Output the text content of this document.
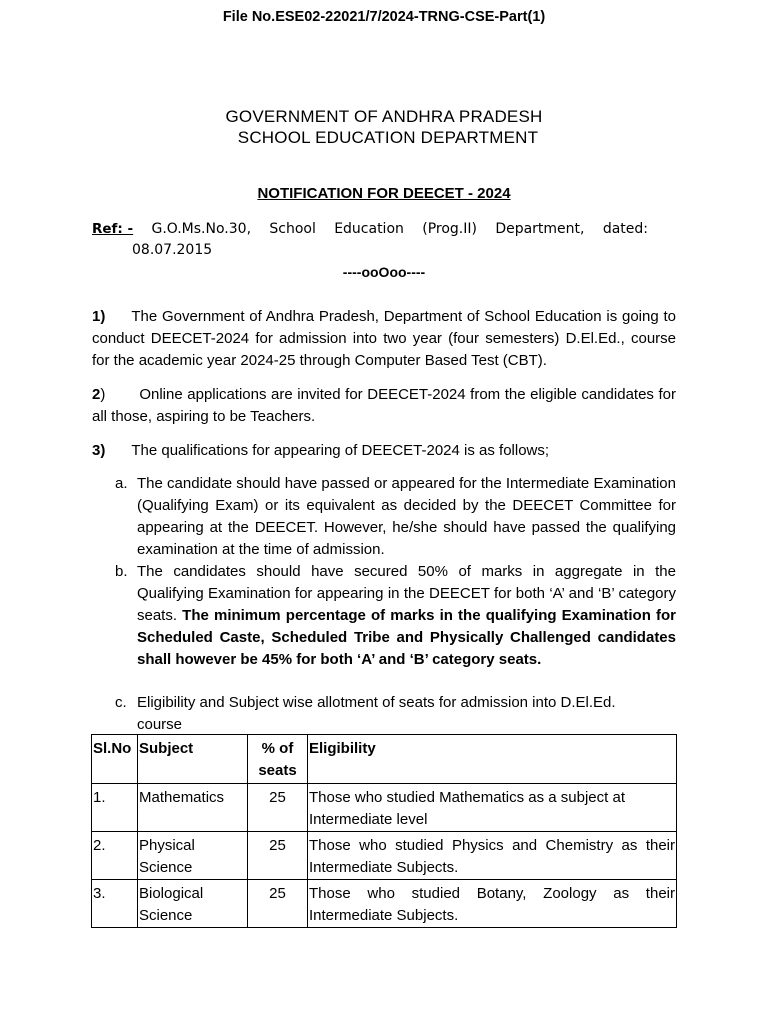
File No.ESE02-22021/7/2024-TRNG-CSE-Part(1)
GOVERNMENT OF ANDHRA PRADESH
SCHOOL EDUCATION DEPARTMENT
NOTIFICATION FOR DEECET - 2024
Ref: - G.O.Ms.No.30, School Education (Prog.II) Department, dated:
08.07.2015
----ooOoo----
1) The Government of Andhra Pradesh, Department of School Education is going to conduct DEECET-2024 for admission into two year (four semesters) D.El.Ed., course for the academic year 2024-25 through Computer Based Test (CBT).
2) Online applications are invited for DEECET-2024 from the eligible candidates for all those, aspiring to be Teachers.
3) The qualifications for appearing of DEECET-2024 is as follows;
a. The candidate should have passed or appeared for the Intermediate Examination (Qualifying Exam) or its equivalent as decided by the DEECET Committee for appearing at the DEECET. However, he/she should have passed the qualifying examination at the time of admission.
b. The candidates should have secured 50% of marks in aggregate in the Qualifying Examination for appearing in the DEECET for both ‘A’ and ‘B’ category seats. The minimum percentage of marks in the qualifying Examination for Scheduled Caste, Scheduled Tribe and Physically Challenged candidates shall however be 45% for both ‘A’ and ‘B’ category seats.
c. Eligibility and Subject wise allotment of seats for admission into D.El.Ed. course
Sl.No	Subject	% of seats	Eligibility
1.	Mathematics	25	Those who studied Mathematics as a subject at Intermediate level
2.	Physical Science	25	Those who studied Physics and Chemistry as their Intermediate Subjects.
3.	Biological Science	25	Those who studied Botany, Zoology as their Intermediate Subjects.
